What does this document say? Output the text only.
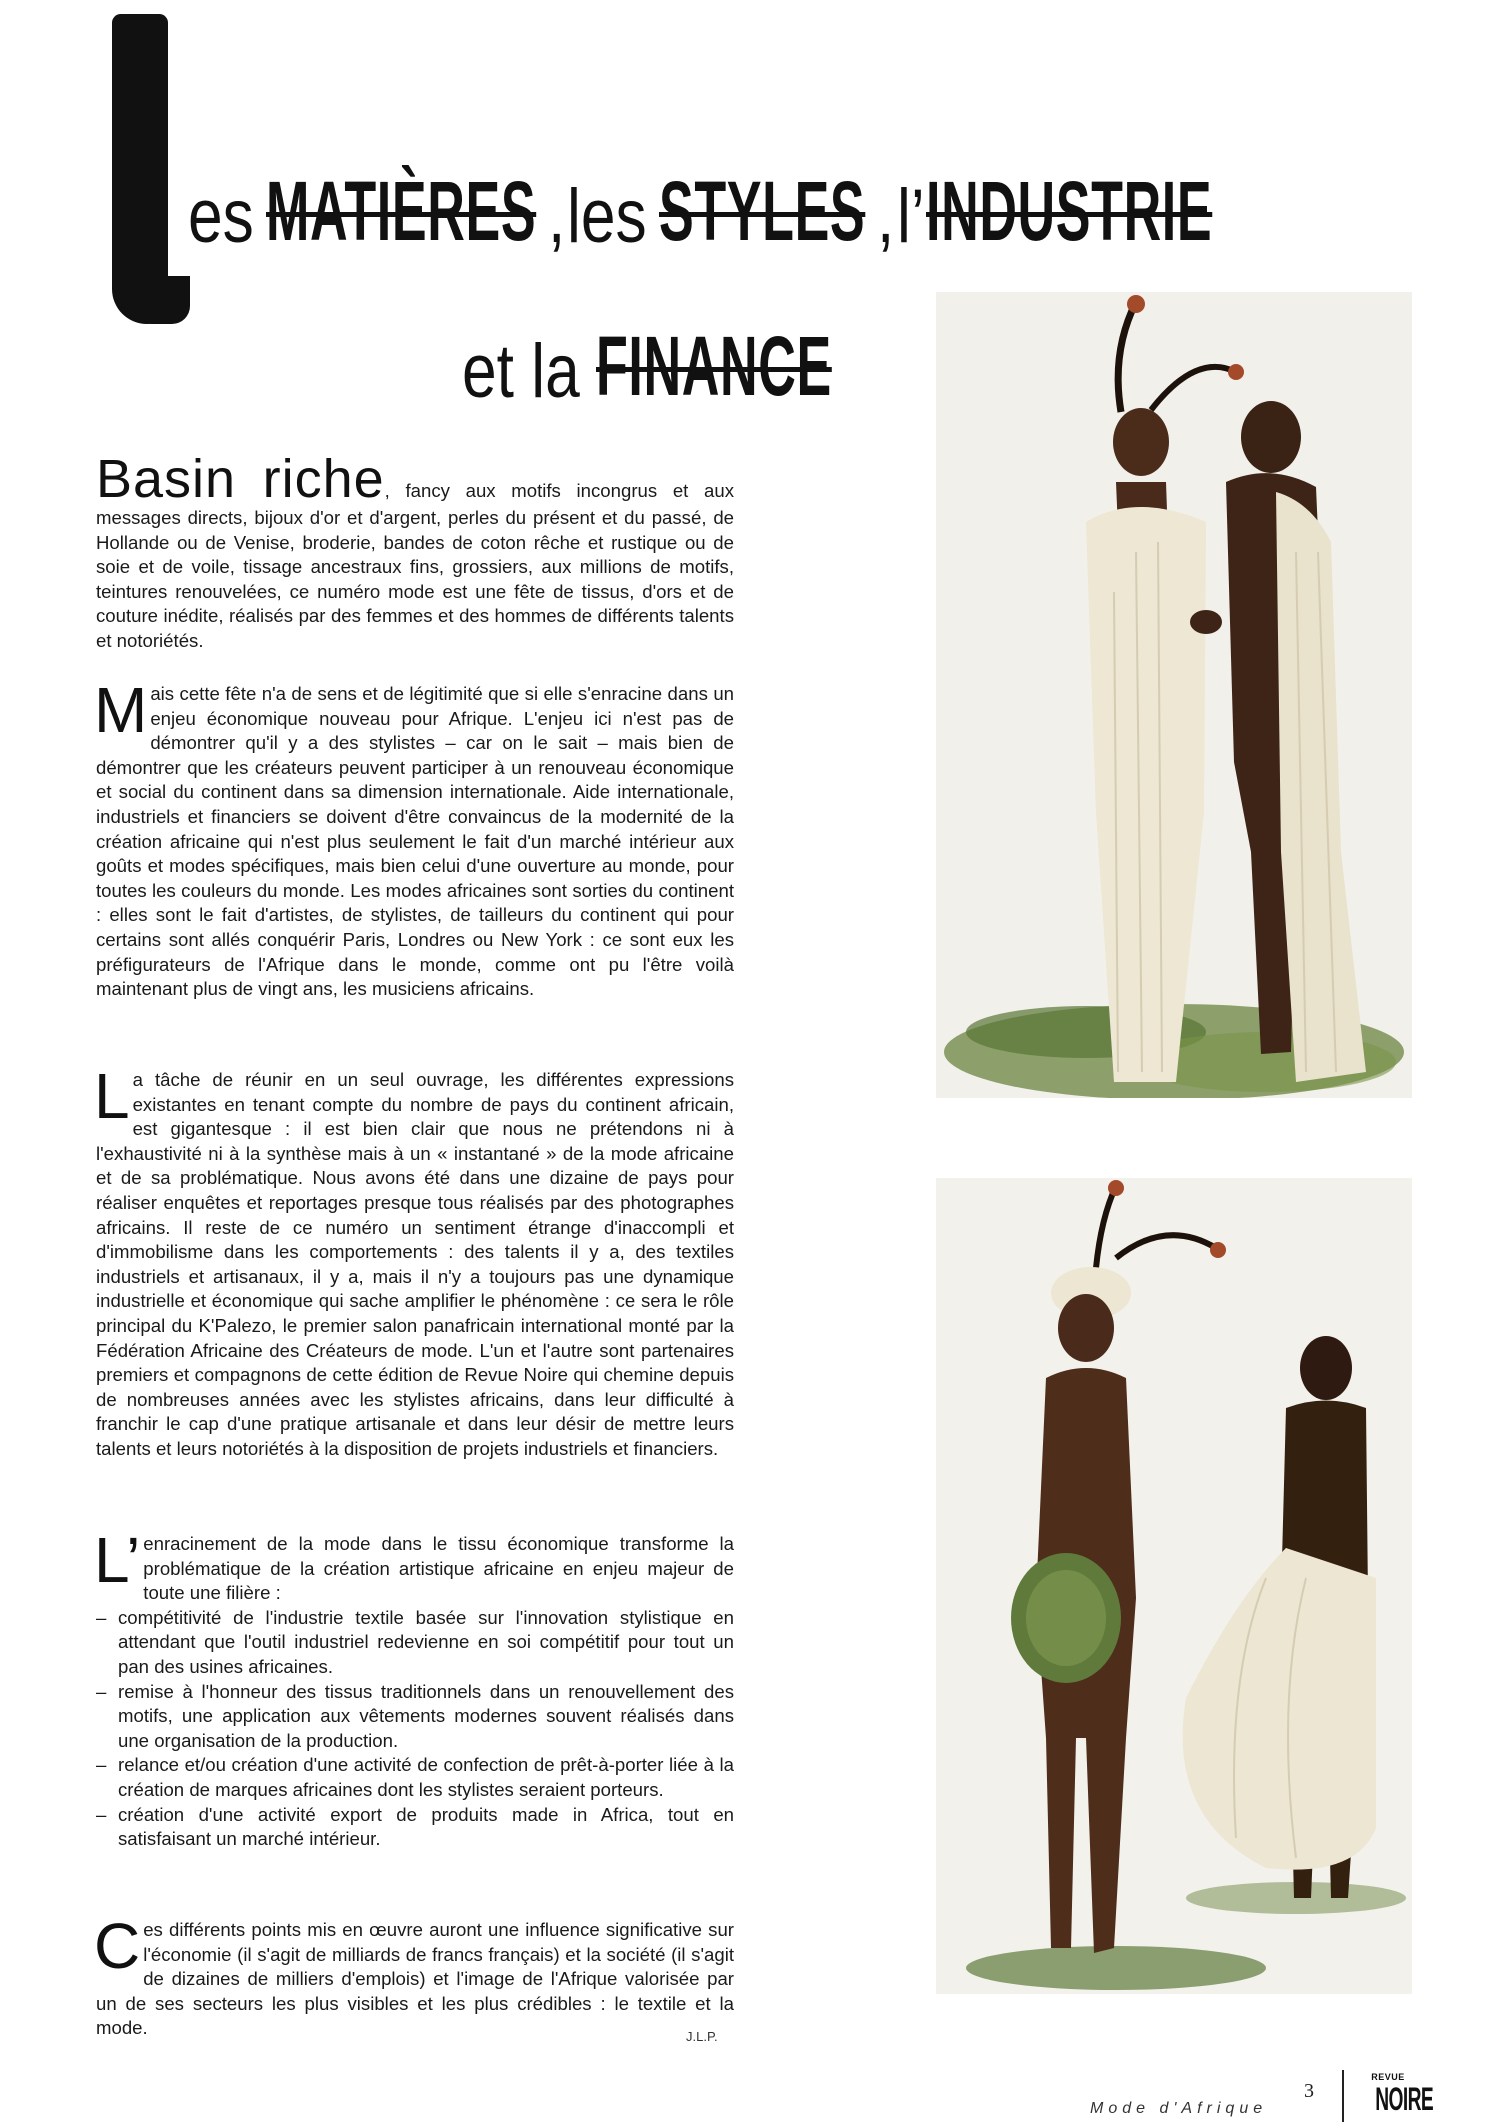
es MATIÈRES , les STYLES , l’ INDUSTRIE
et la FINANCE

Basin riche, fancy aux motifs incongrus et aux messages directs, bijoux d'or et d'argent, perles du présent et du passé, de Hollande ou de Venise, broderie, bandes de coton rêche et rustique ou de soie et de voile, tissage ancestraux fins, grossiers, aux millions de motifs, teintures renouvelées, ce numéro mode est une fête de tissus, d'ors et de couture inédite, réalisés par des femmes et des hommes de différents talents et notoriétés.

Mais cette fête n'a de sens et de légitimité que si elle s'enracine dans un enjeu économique nouveau pour Afrique. L'enjeu ici n'est pas de démontrer qu'il y a des stylistes – car on le sait – mais bien de démontrer que les créateurs peuvent participer à un renouveau économique et social du continent dans sa dimension internationale. Aide internationale, industriels et financiers se doivent d'être convaincus de la modernité de la création africaine qui n'est plus seulement le fait d'un marché intérieur aux goûts et modes spécifiques, mais bien celui d'une ouverture au monde, pour toutes les couleurs du monde. Les modes africaines sont sorties du continent : elles sont le fait d'artistes, de stylistes, de tailleurs du continent qui pour certains sont allés conquérir Paris, Londres ou New York : ce sont eux les préfigurateurs de l'Afrique dans le monde, comme ont pu l'être voilà maintenant plus de vingt ans, les musiciens africains.

La tâche de réunir en un seul ouvrage, les différentes expressions existantes en tenant compte du nombre de pays du continent africain, est gigantesque : il est bien clair que nous ne prétendons ni à l'exhaustivité ni à la synthèse mais à un « instantané » de la mode africaine et de sa problématique. Nous avons été dans une dizaine de pays pour réaliser enquêtes et reportages presque tous réalisés par des photographes africains. Il reste de ce numéro un sentiment étrange d'inaccompli et d'immobilisme dans les comportements : des talents il y a, des textiles industriels et artisanaux, il y a, mais il n'y a toujours pas une dynamique industrielle et économique qui sache amplifier le phénomène : ce sera le rôle principal du K'Palezo, le premier salon panafricain international monté par la Fédération Africaine des Créateurs de mode. L'un et l'autre sont partenaires premiers et compagnons de cette édition de Revue Noire qui chemine depuis de nombreuses années avec les stylistes africains, dans leur difficulté à franchir le cap d'une pratique artisanale et dans leur désir de mettre leurs talents et leurs notoriétés à la disposition de projets industriels et financiers.

L’ enracinement de la mode dans le tissu économique transforme la problématique de la création artistique africaine en enjeu majeur de toute une filière :

– compétitivité de l'industrie textile basée sur l'innovation stylistique en attendant que l'outil industriel redevienne en soi compétitif pour tout un pan des usines africaines.
– remise à l'honneur des tissus traditionnels dans un renouvellement des motifs, une application aux vêtements modernes souvent réalisés dans une organisation de la production.
– relance et/ou création d'une activité de confection de prêt-à-porter liée à la création de marques africaines dont les stylistes seraient porteurs.
– création d'une activité export de produits made in Africa, tout en satisfaisant un marché intérieur.

Ces différents points mis en œuvre auront une influence significative sur l'économie (il s'agit de milliards de francs français) et la société (il s'agit de dizaines de milliers d'emplois) et l'image de l'Afrique valorisée par un de ses secteurs les plus visibles et les plus crédibles : le textile et la mode.	J.L.P.
3
Mode d'Afrique
REVUE
NOIRE
